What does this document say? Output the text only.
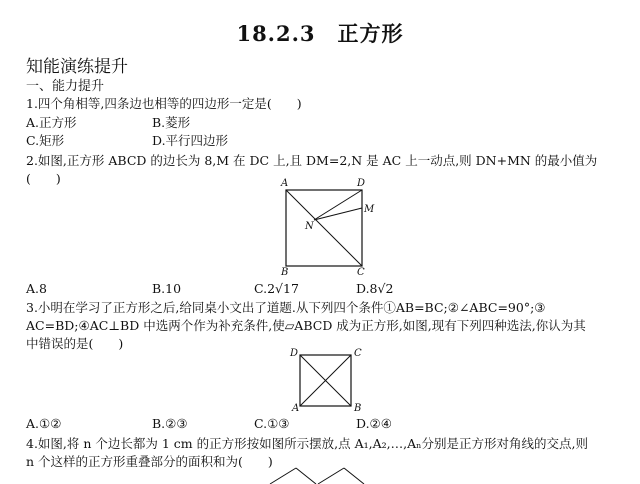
18.2.3　正方形
知能演练提升
一、能力提升
1.四个角相等,四条边也相等的四边形一定是(　　)
A.正方形	B.菱形
C.矩形	D.平行四边形
2.如图,正方形 ABCD 的边长为 8,M 在 DC 上,且 DM=2,N 是 AC 上一动点,则 DN+MN 的最小值为
(　　)	A	D
M
N
B	C
A.8	B.10	C.2√17	D.8√2
3.小明在学习了正方形之后,给同桌小文出了道题.从下列四个条件①AB=BC;②∠ABC=90°;③
AC=BD;④AC⊥BD 中选两个作为补充条件,使▱ABCD 成为正方形,如图,现有下列四种选法,你认为其
中错误的是(　　)
D	C
A	B
A.①②	B.②③	C.①③	D.②④
4.如图,将 n 个边长都为 1 cm 的正方形按如图所示摆放,点 A₁,A₂,…,Aₙ分别是正方形对角线的交点,则
n 个这样的正方形重叠部分的面积和为(　　)
